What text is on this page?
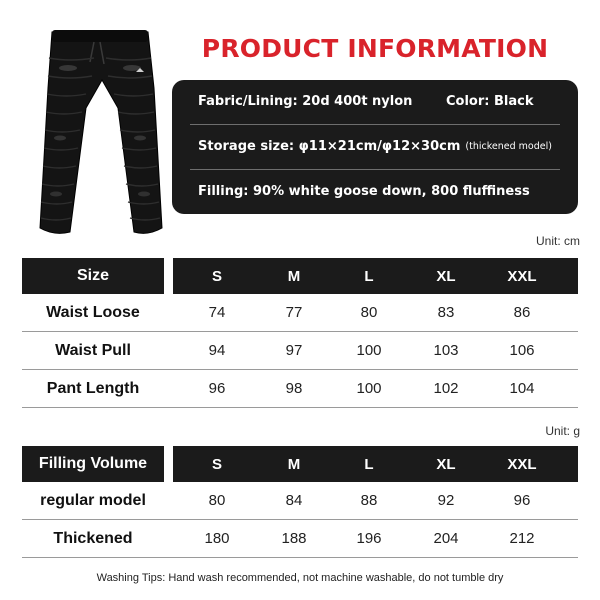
PRODUCT INFORMATION
Fabric/Lining: 20d 400t nylon	Color: Black
Storage size: φ11×21cm/φ12×30cm (thickened model)
Filling: 90% white goose down, 800 fluffiness
Unit: cm
Size	S	M	L	XL	XXL
Waist Loose	74	77	80	83	86
Waist Pull	94	97	100	103	106
Pant Length	96	98	100	102	104
Unit: g
Filling Volume	S	M	L	XL	XXL
regular model	80	84	88	92	96
Thickened	180	188	196	204	212
Washing Tips: Hand wash recommended, not machine washable, do not tumble dry
